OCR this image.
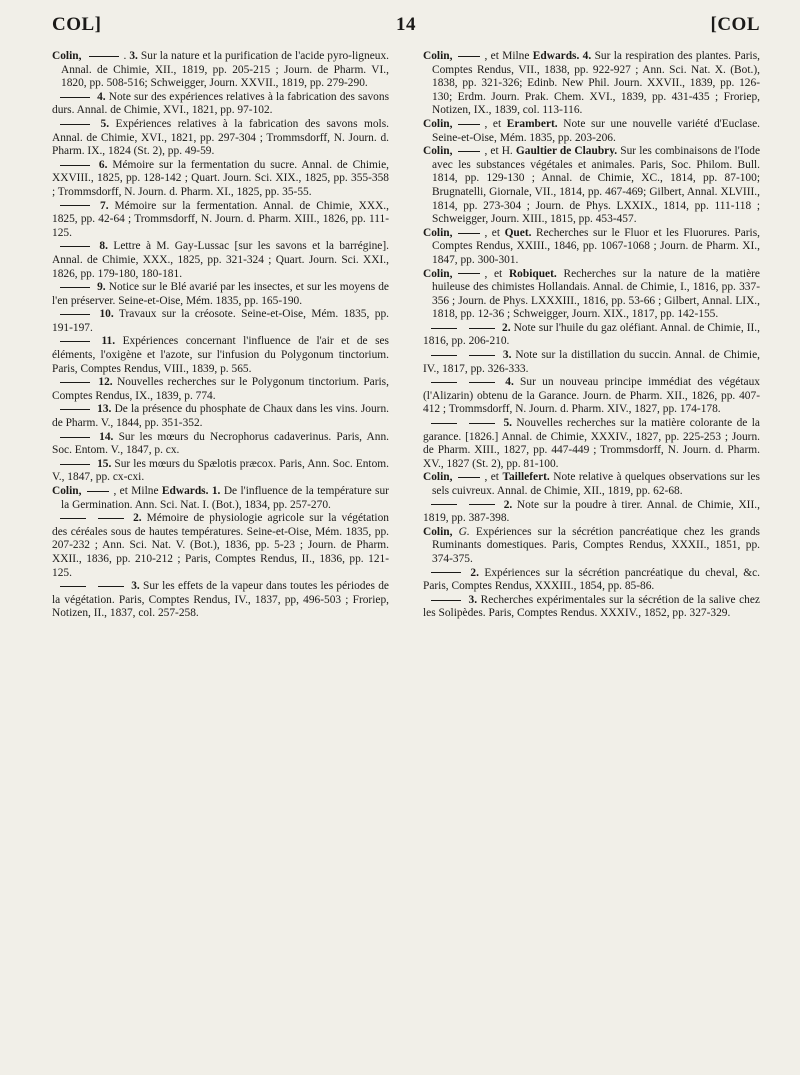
COL]	14	[COL

Colin,	. 3. Sur la nature et la purification de l'acide pyro-ligneux. Annal. de Chimie, XII., 1819, pp. 205-215 ; Journ. de Pharm. VI., 1820, pp. 508-516; Schweigger, Journ. XXVII., 1819, pp. 279-290.

4. Note sur des expériences relatives à la fabrication des savons durs. Annal. de Chimie, XVI., 1821, pp. 97-102.

5. Expériences relatives à la fabrication des savons mols. Annal. de Chimie, XVI., 1821, pp. 297-304 ; Trommsdorff, N. Journ. d. Pharm. IX., 1824 (St. 2), pp. 49-59.

6. Mémoire sur la fermentation du sucre. Annal. de Chimie, XXVIII., 1825, pp. 128-142 ; Quart. Journ. Sci. XIX., 1825, pp. 355-358 ; Trommsdorff, N. Journ. d. Pharm. XI., 1825, pp. 35-55.

7. Mémoire sur la fermentation. Annal. de Chimie, XXX., 1825, pp. 42-64 ; Trommsdorff, N. Journ. d. Pharm. XIII., 1826, pp. 111-125.

8. Lettre à M. Gay-Lussac [sur les savons et la barrégine]. Annal. de Chimie, XXX., 1825, pp. 321-324 ; Quart. Journ. Sci. XXI., 1826, pp. 179-180, 180-181.

9. Notice sur le Blé avarié par les insectes, et sur les moyens de l'en préserver. Seine-et-Oise, Mém. 1835, pp. 165-190.

10. Travaux sur la créosote. Seine-et-Oise, Mém. 1835, pp. 191-197.

11. Expériences concernant l'influence de l'air et de ses éléments, l'oxigène et l'azote, sur l'infusion du Polygonum tinctorium. Paris, Comptes Rendus, VIII., 1839, p. 565.

12. Nouvelles recherches sur le Polygonum tinctorium. Paris, Comptes Rendus, IX., 1839, p. 774.

13. De la présence du phosphate de Chaux dans les vins. Journ. de Pharm. V., 1844, pp. 351-352.

14. Sur les mœurs du Necrophorus cadaverinus. Paris, Ann. Soc. Entom. V., 1847, p. cx.

15. Sur les mœurs du Spælotis præcox. Paris, Ann. Soc. Entom. V., 1847, pp. cx-cxi.

Colin,	, et Milne Edwards. 1. De l'influence de la température sur la Germination. Ann. Sci. Nat. I. (Bot.), 1834, pp. 257-270.

2. Mémoire de physiologie agricole sur la végétation des céréales sous de hautes températures. Seine-et-Oise, Mém. 1835, pp. 207-232 ; Ann. Sci. Nat. V. (Bot.), 1836, pp. 5-23 ; Journ. de Pharm. XXII., 1836, pp. 210-212 ; Paris, Comptes Rendus, II., 1836, pp. 121-125.

3. Sur les effets de la vapeur dans toutes les périodes de la végétation. Paris, Comptes Rendus, IV., 1837, pp, 496-503 ; Froriep, Notizen, II., 1837, col. 257-258.

Colin,	, et Milne Edwards. 4. Sur la respiration des plantes. Paris, Comptes Rendus, VII., 1838, pp. 922-927 ; Ann. Sci. Nat. X. (Bot.), 1838, pp. 321-326; Edinb. New Phil. Journ. XXVII., 1839, pp. 126-130; Erdm. Journ. Prak. Chem. XVI., 1839, pp. 431-435 ; Froriep, Notizen, IX., 1839, col. 113-116.

Colin,	, et Erambert. Note sur une nouvelle variété d'Euclase. Seine-et-Oise, Mém. 1835, pp. 203-206.

Colin,	, et H. Gaultier de Claubry. Sur les combinaisons de l'Iode avec les substances végétales et animales. Paris, Soc. Philom. Bull. 1814, pp. 129-130 ; Annal. de Chimie, XC., 1814, pp. 87-100; Brugnatelli, Giornale, VII., 1814, pp. 467-469; Gilbert, Annal. XLVIII., 1814, pp. 273-304 ; Journ. de Phys. LXXIX., 1814, pp. 111-118 ; Schweigger, Journ. XIII., 1815, pp. 453-457.

Colin,	, et Quet. Recherches sur le Fluor et les Fluorures. Paris, Comptes Rendus, XXIII., 1846, pp. 1067-1068 ; Journ. de Pharm. XI., 1847, pp. 300-301.

Colin,	, et Robiquet. Recherches sur la nature de la matière huileuse des chimistes Hollandais. Annal. de Chimie, I., 1816, pp. 337-356 ; Journ. de Phys. LXXXIII., 1816, pp. 53-66 ; Gilbert, Annal. LIX., 1818, pp. 12-36 ; Schweigger, Journ. XIX., 1817, pp. 142-155.

2. Note sur l'huile du gaz oléfiant. Annal. de Chimie, II., 1816, pp. 206-210.

3. Note sur la distillation du succin. Annal. de Chimie, IV., 1817, pp. 326-333.

4. Sur un nouveau principe immédiat des végétaux (l'Alizarin) obtenu de la Garance. Journ. de Pharm. XII., 1826, pp. 407-412 ; Trommsdorff, N. Journ. d. Pharm. XIV., 1827, pp. 174-178.

5. Nouvelles recherches sur la matière colorante de la garance. [1826.] Annal. de Chimie, XXXIV., 1827, pp. 225-253 ; Journ. de Pharm. XIII., 1827, pp. 447-449 ; Trommsdorff, N. Journ. d. Pharm. XV., 1827 (St. 2), pp. 81-100.

Colin,	, et Taillefert. Note relative à quelques observations sur les sels cuivreux. Annal. de Chimie, XII., 1819, pp. 62-68.

2. Note sur la poudre à tirer. Annal. de Chimie, XII., 1819, pp. 387-398.

Colin, G. Expériences sur la sécrétion pancréatique chez les grands Ruminants domestiques. Paris, Comptes Rendus, XXXII., 1851, pp. 374-375.

2. Expériences sur la sécrétion pancréatique du cheval, &c. Paris, Comptes Rendus, XXXIII., 1854, pp. 85-86.

3. Recherches expérimentales sur la sécrétion de la salive chez les Solipèdes. Paris, Comptes Rendus. XXXIV., 1852, pp. 327-329.
